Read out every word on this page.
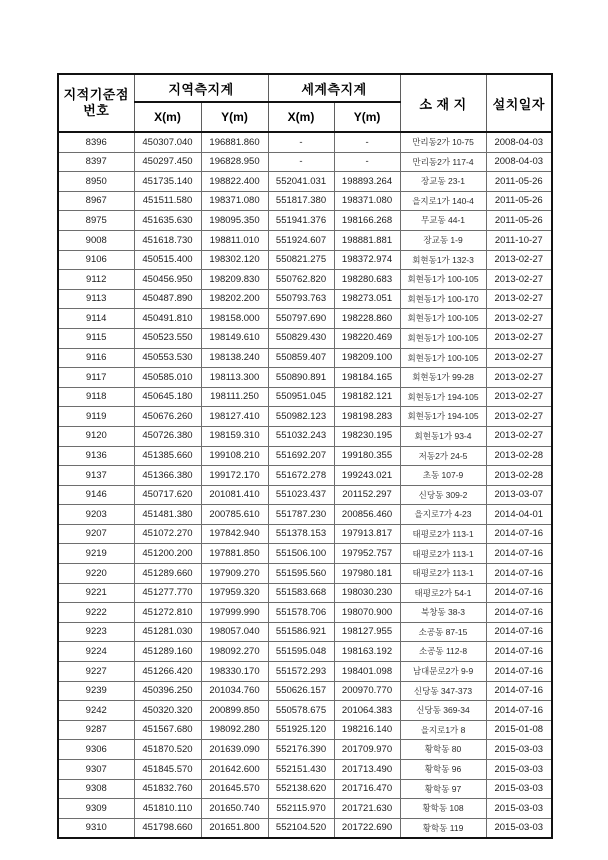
지적기준점
번호	지역측지계		세계측지계		소 재 지	설치일자
	X(m)	Y(m)	X(m)	Y(m)		
8396	450307.040	196881.860	-	-	만리동2가 10-75	2008-04-03
8397	450297.450	196828.950	-	-	만리동2가 117-4	2008-04-03
8950	451735.140	198822.400	552041.031	198893.264	장교동 23-1	2011-05-26
8967	451511.580	198371.080	551817.380	198371.080	을지로1가 140-4	2011-05-26
8975	451635.630	198095.350	551941.376	198166.268	무교동 44-1	2011-05-26
9008	451618.730	198811.010	551924.607	198881.881	장교동 1-9	2011-10-27
9106	450515.400	198302.120	550821.275	198372.974	회현동1가 132-3	2013-02-27
9112	450456.950	198209.830	550762.820	198280.683	회현동1가 100-105	2013-02-27
9113	450487.890	198202.200	550793.763	198273.051	회현동1가 100-170	2013-02-27
9114	450491.810	198158.000	550797.690	198228.860	회현동1가 100-105	2013-02-27
9115	450523.550	198149.610	550829.430	198220.469	회현동1가 100-105	2013-02-27
9116	450553.530	198138.240	550859.407	198209.100	회현동1가 100-105	2013-02-27
9117	450585.010	198113.300	550890.891	198184.165	회현동1가 99-28	2013-02-27
9118	450645.180	198111.250	550951.045	198182.121	회현동1가 194-105	2013-02-27
9119	450676.260	198127.410	550982.123	198198.283	회현동1가 194-105	2013-02-27
9120	450726.380	198159.310	551032.243	198230.195	회현동1가 93-4	2013-02-27
9136	451385.660	199108.210	551692.207	199180.355	저동2가 24-5	2013-02-28
9137	451366.380	199172.170	551672.278	199243.021	초동 107-9	2013-02-28
9146	450717.620	201081.410	551023.437	201152.297	신당동 309-2	2013-03-07
9203	451481.380	200785.610	551787.230	200856.460	을지로7가 4-23	2014-04-01
9207	451072.270	197842.940	551378.153	197913.817	태평로2가 113-1	2014-07-16
9219	451200.200	197881.850	551506.100	197952.757	태평로2가 113-1	2014-07-16
9220	451289.660	197909.270	551595.560	197980.181	태평로2가 113-1	2014-07-16
9221	451277.770	197959.320	551583.668	198030.230	태평로2가 54-1	2014-07-16
9222	451272.810	197999.990	551578.706	198070.900	북창동 38-3	2014-07-16
9223	451281.030	198057.040	551586.921	198127.955	소공동 87-15	2014-07-16
9224	451289.160	198092.270	551595.048	198163.192	소공동 112-8	2014-07-16
9227	451266.420	198330.170	551572.293	198401.098	남대문로2가 9-9	2014-07-16
9239	450396.250	201034.760	550626.157	200970.770	신당동 347-373	2014-07-16
9242	450320.320	200899.850	550578.675	201064.383	신당동 369-34	2014-07-16
9287	451567.680	198092.280	551925.120	198216.140	을지로1가 8	2015-01-08
9306	451870.520	201639.090	552176.390	201709.970	황학동 80	2015-03-03
9307	451845.570	201642.600	552151.430	201713.490	황학동 96	2015-03-03
9308	451832.760	201645.570	552138.620	201716.470	황학동 97	2015-03-03
9309	451810.110	201650.740	552115.970	201721.630	황학동 108	2015-03-03
9310	451798.660	201651.800	552104.520	201722.690	황학동 119	2015-03-03
